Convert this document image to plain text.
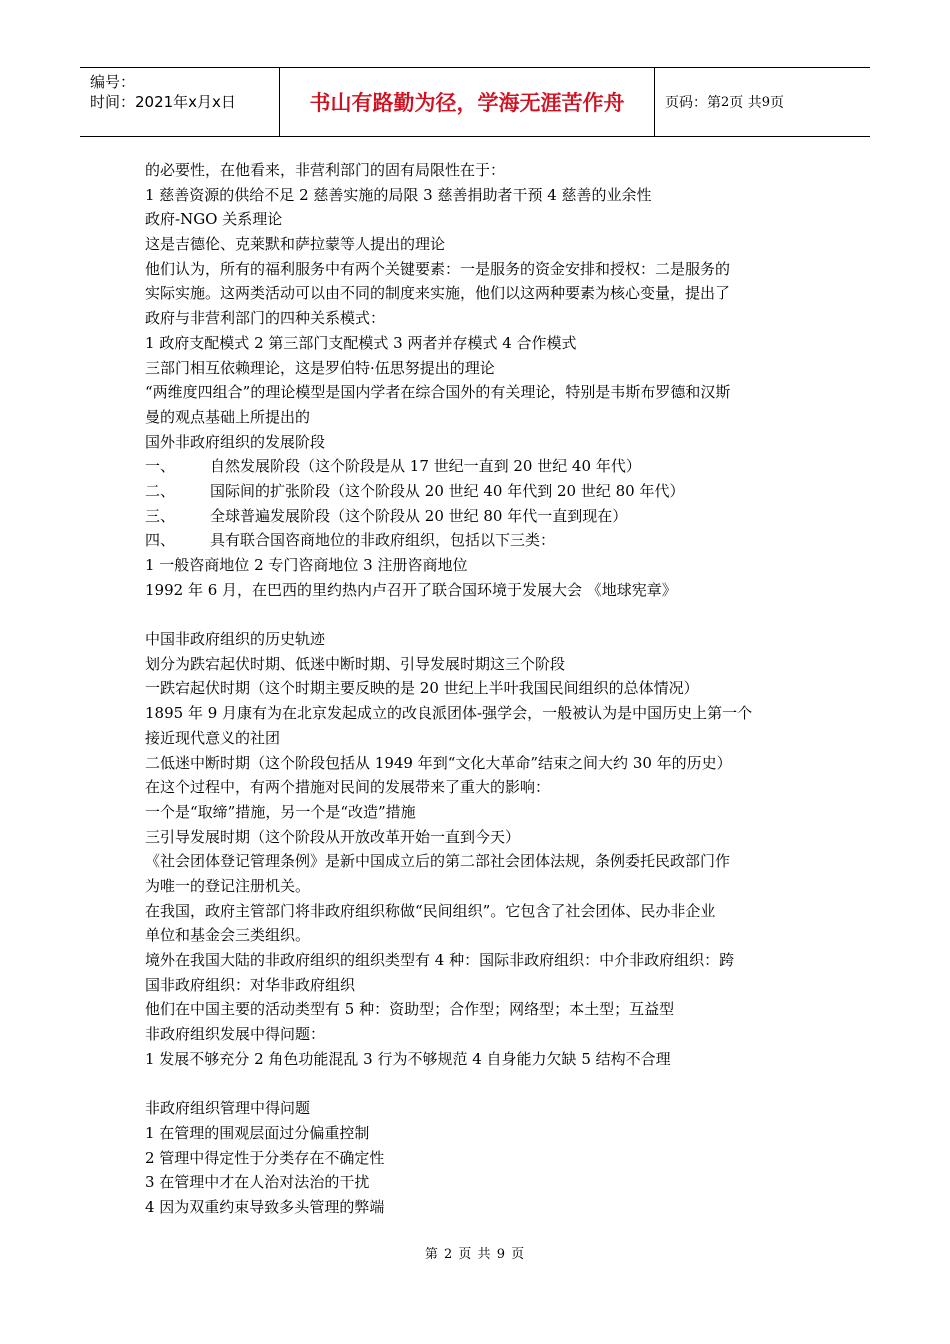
编号：
时间：2021年x月x日	书山有路勤为径，学海无涯苦作舟	页码：第 2 页 共 9 页
的必要性，在他看来，非营利部门的固有局限性在于：
1 慈善资源的供给不足 2 慈善实施的局限 3 慈善捐助者干预 4 慈善的业余性
政府-NGO 关系理论
这是吉德伦、克莱默和萨拉蒙等人提出的理论
他们认为，所有的福利服务中有两个关键要素：一是服务的资金安排和授权：二是服务的
实际实施。这两类活动可以由不同的制度来实施，他们以这两种要素为核心变量，提出了
政府与非营利部门的四种关系模式：
1 政府支配模式 2 第三部门支配模式 3 两者并存模式 4 合作模式
三部门相互依赖理论，这是罗伯特·伍思努提出的理论
“两维度四组合”的理论模型是国内学者在综合国外的有关理论，特别是韦斯布罗德和汉斯
曼的观点基础上所提出的
国外非政府组织的发展阶段
一、 自然发展阶段（这个阶段是从 17 世纪一直到 20 世纪 40 年代）
二、 国际间的扩张阶段（这个阶段从 20 世纪 40 年代到 20 世纪 80 年代）
三、 全球普遍发展阶段（这个阶段从 20 世纪 80 年代一直到现在）
四、 具有联合国咨商地位的非政府组织，包括以下三类：
1 一般咨商地位 2 专门咨商地位 3 注册咨商地位
1992 年 6 月，在巴西的里约热内卢召开了联合国环境于发展大会 《地球宪章》
中国非政府组织的历史轨迹
划分为跌宕起伏时期、低迷中断时期、引导发展时期这三个阶段
一跌宕起伏时期（这个时期主要反映的是 20 世纪上半叶我国民间组织的总体情况）
1895 年 9 月康有为在北京发起成立的改良派团体-强学会，一般被认为是中国历史上第一个
接近现代意义的社团
二低迷中断时期（这个阶段包括从 1949 年到“文化大革命”结束之间大约 30 年的历史）
在这个过程中，有两个措施对民间的发展带来了重大的影响：
一个是“取缔”措施，另一个是“改造”措施
三引导发展时期（这个阶段从开放改革开始一直到今天）
《社会团体登记管理条例》是新中国成立后的第二部社会团体法规，条例委托民政部门作
为唯一的登记注册机关。
在我国，政府主管部门将非政府组织称做“民间组织”。它包含了社会团体、民办非企业
单位和基金会三类组织。
境外在我国大陆的非政府组织的组织类型有 4 种：国际非政府组织：中介非政府组织：跨
国非政府组织：对华非政府组织
他们在中国主要的活动类型有 5 种：资助型；合作型；网络型；本土型；互益型
非政府组织发展中得问题：
1 发展不够充分 2 角色功能混乱 3 行为不够规范 4 自身能力欠缺 5 结构不合理
非政府组织管理中得问题
1 在管理的围观层面过分偏重控制
2 管理中得定性于分类存在不确定性
3 在管理中才在人治对法治的干扰
4 因为双重约束导致多头管理的弊端
第 2 页 共 9 页
